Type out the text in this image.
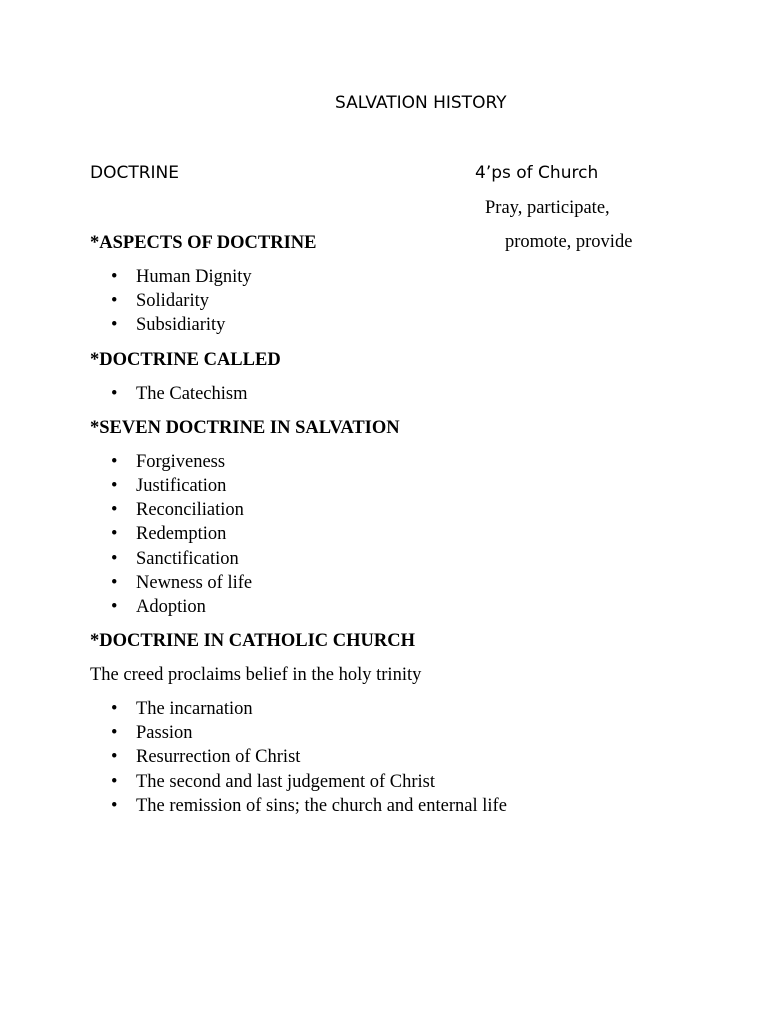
SALVATION HISTORY
DOCTRINE	4’ps of Church
Pray, participate,
promote, provide
*ASPECTS OF DOCTRINE
• Human Dignity
• Solidarity
• Subsidiarity
*DOCTRINE CALLED
• The Catechism
*SEVEN DOCTRINE IN SALVATION
• Forgiveness
• Justification
• Reconciliation
• Redemption
• Sanctification
• Newness of life
• Adoption
*DOCTRINE IN CATHOLIC CHURCH
The creed proclaims belief in the holy trinity
• The incarnation
• Passion
• Resurrection of Christ
• The second and last judgement of Christ
• The remission of sins; the church and enternal life
